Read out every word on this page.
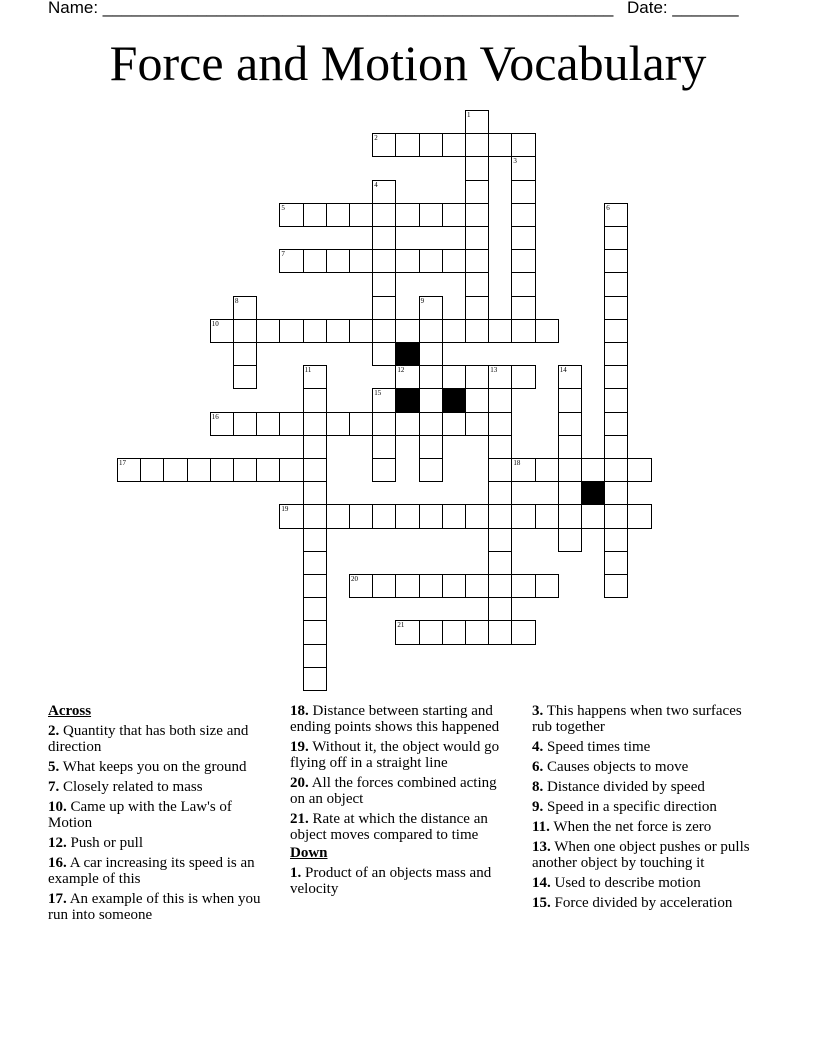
Name: ______________________________________________________ Date: _______
Force and Motion Vocabulary
2
5
7
10
12	13
16
17	18
19
20
21
1
3
4
6
8	9
11	14
15
Across
2. Quantity that has both size and direction
5. What keeps you on the ground
7. Closely related to mass
10. Came up with the Law's of Motion
12. Push or pull
16. A car increasing its speed is an example of this
17. An example of this is when you run into someone
18. Distance between starting and ending points shows this happened
19. Without it, the object would go flying off in a straight line
20. All the forces combined acting on an object
21. Rate at which the distance an object moves compared to time
Down
1. Product of an objects mass and velocity
3. This happens when two surfaces rub together
4. Speed times time
6. Causes objects to move
8. Distance divided by speed
9. Speed in a specific direction
11. When the net force is zero
13. When one object pushes or pulls another object by touching it
14. Used to describe motion
15. Force divided by acceleration
